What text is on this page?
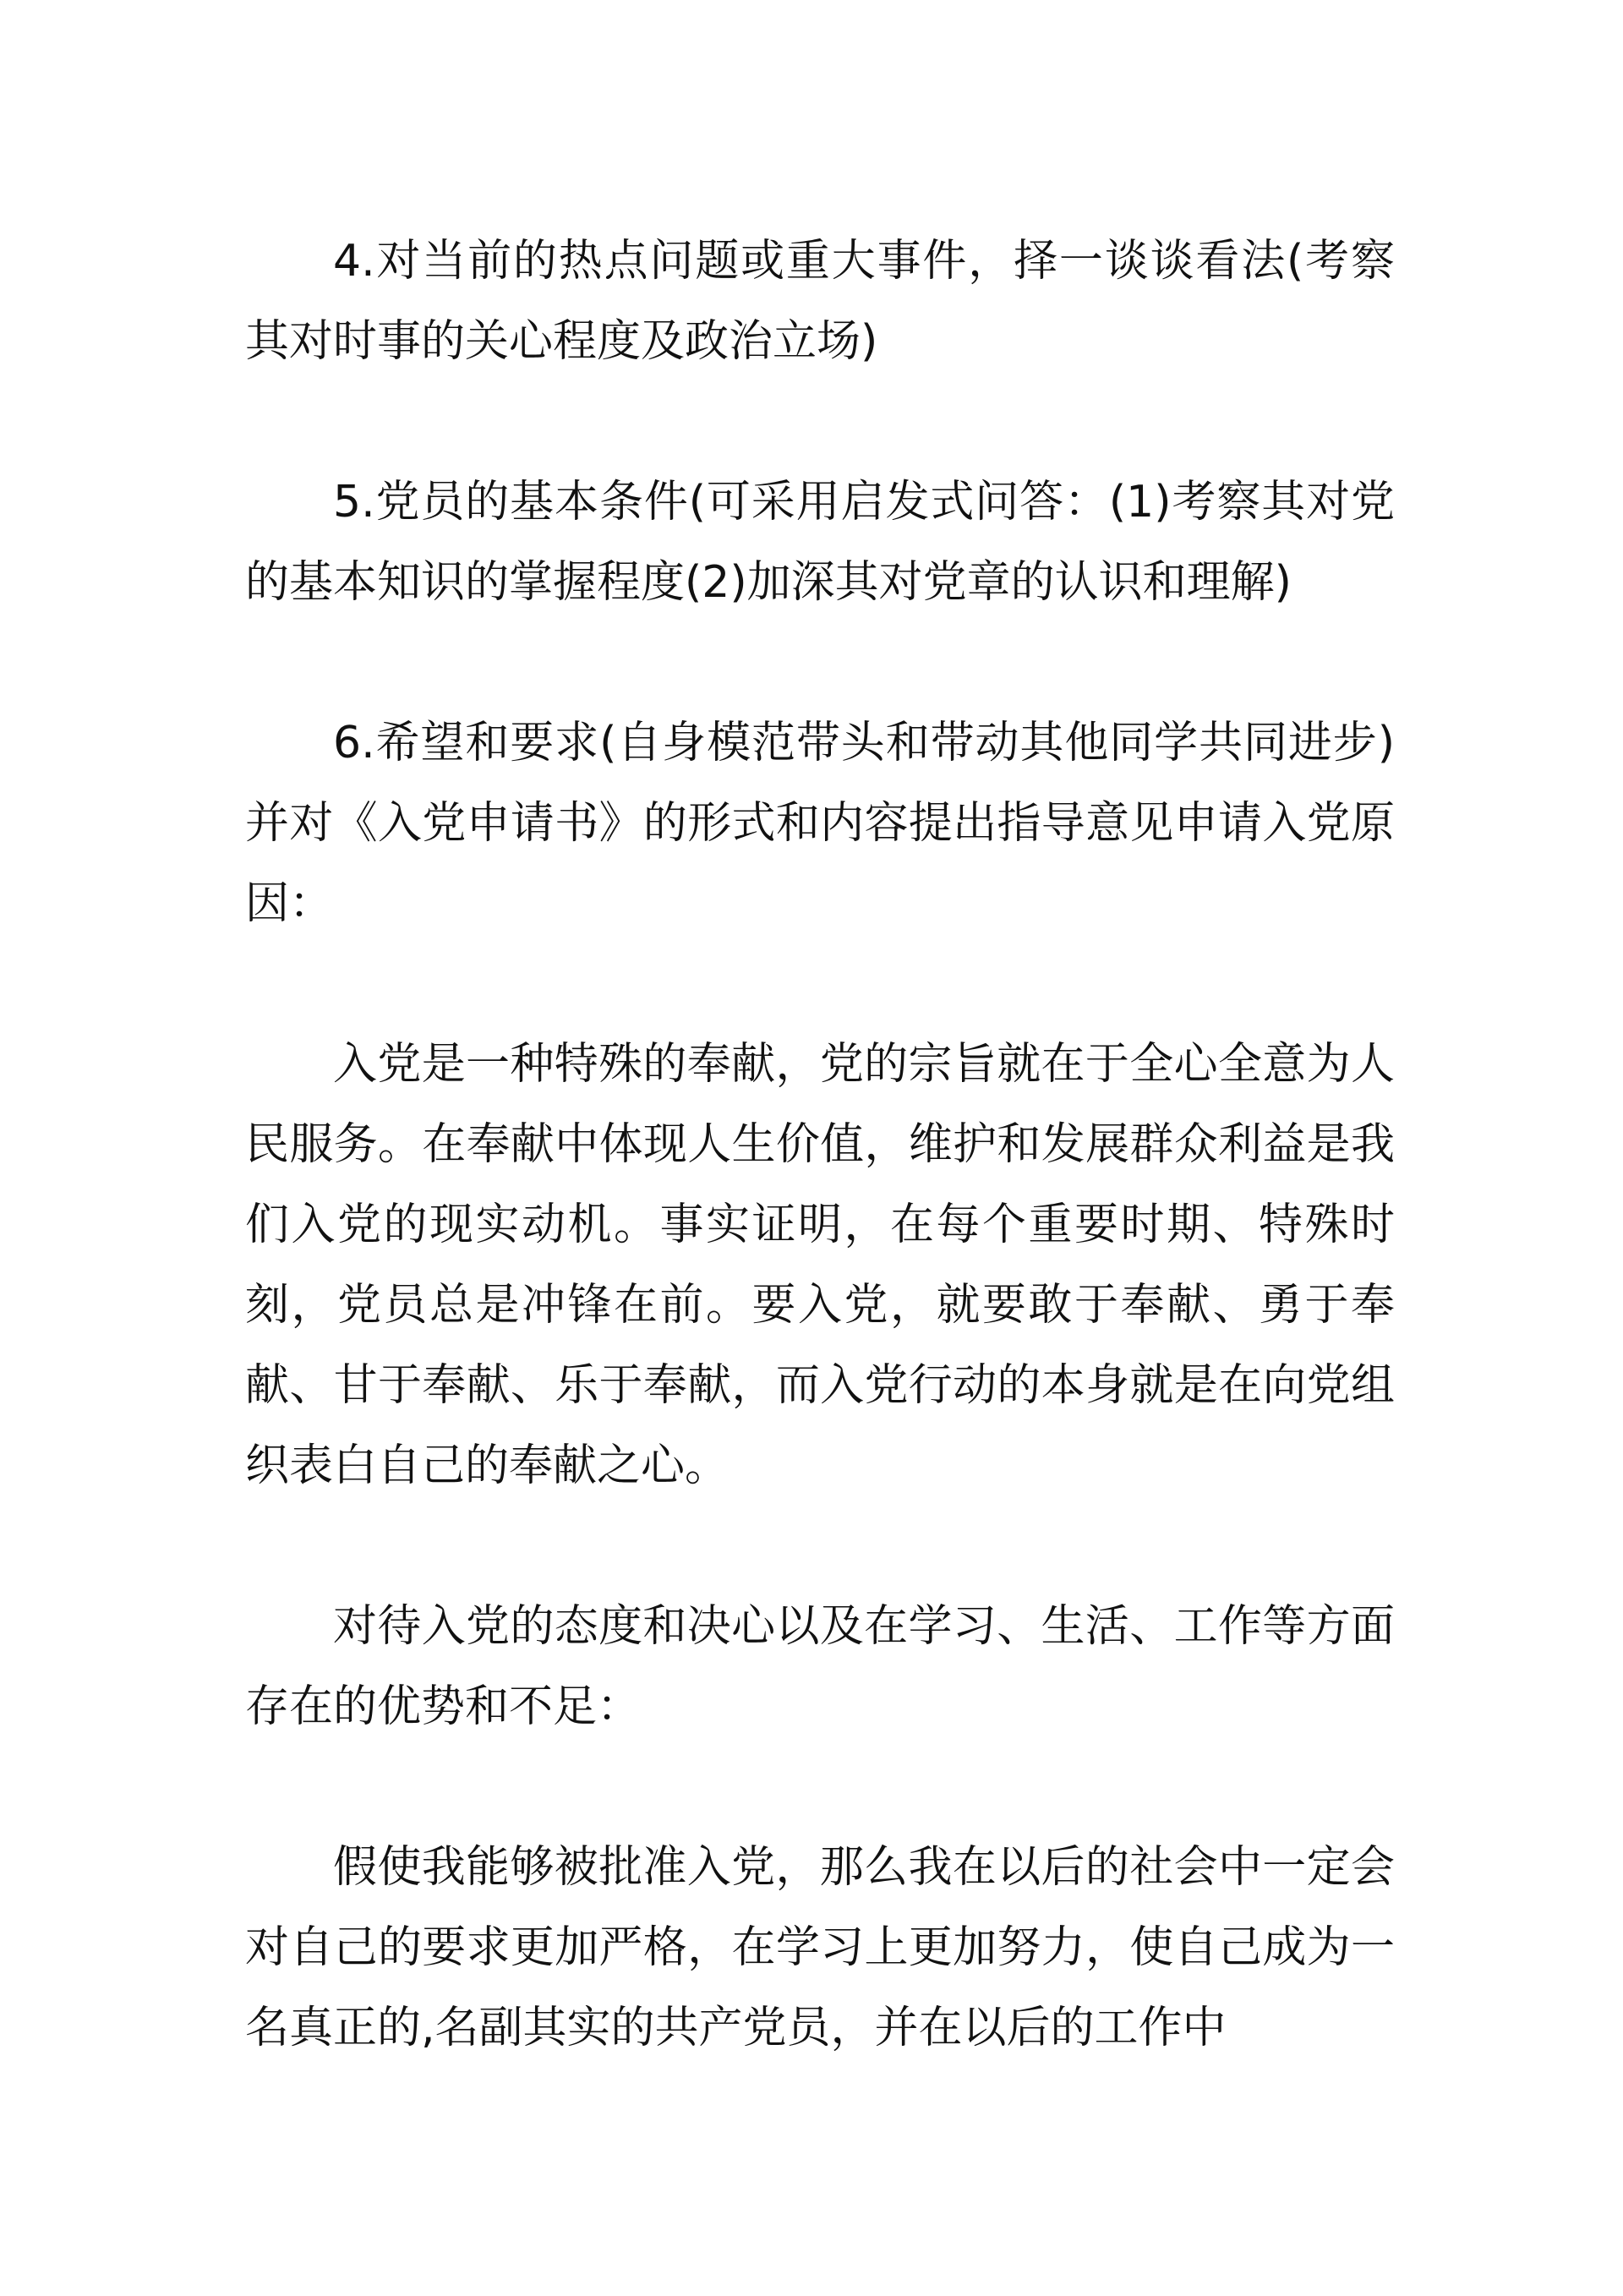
4.对当前的热点问题或重大事件，择一谈谈看法(考察其对时事的关心程度及政治立场)

5.党员的基本条件(可采用启发式问答：(1)考察其对党的基本知识的掌握程度(2)加深其对党章的认识和理解)

6.希望和要求(自身模范带头和带动其他同学共同进步)并对《入党申请书》的形式和内容提出指导意见申请入党原因：

入党是一种特殊的奉献，党的宗旨就在于全心全意为人民服务。在奉献中体现人生价值，维护和发展群众利益是我们入党的现实动机。事实证明，在每个重要时期、特殊时刻，党员总是冲锋在前。要入党，就要敢于奉献、勇于奉献、甘于奉献、乐于奉献，而入党行动的本身就是在向党组织表白自己的奉献之心。

对待入党的态度和决心以及在学习、生活、工作等方面存在的优势和不足：

假使我能够被批准入党，那么我在以后的社会中一定会对自己的要求更加严格，在学习上更加努力，使自己成为一名真正的,名副其实的共产党员，并在以后的工作中
